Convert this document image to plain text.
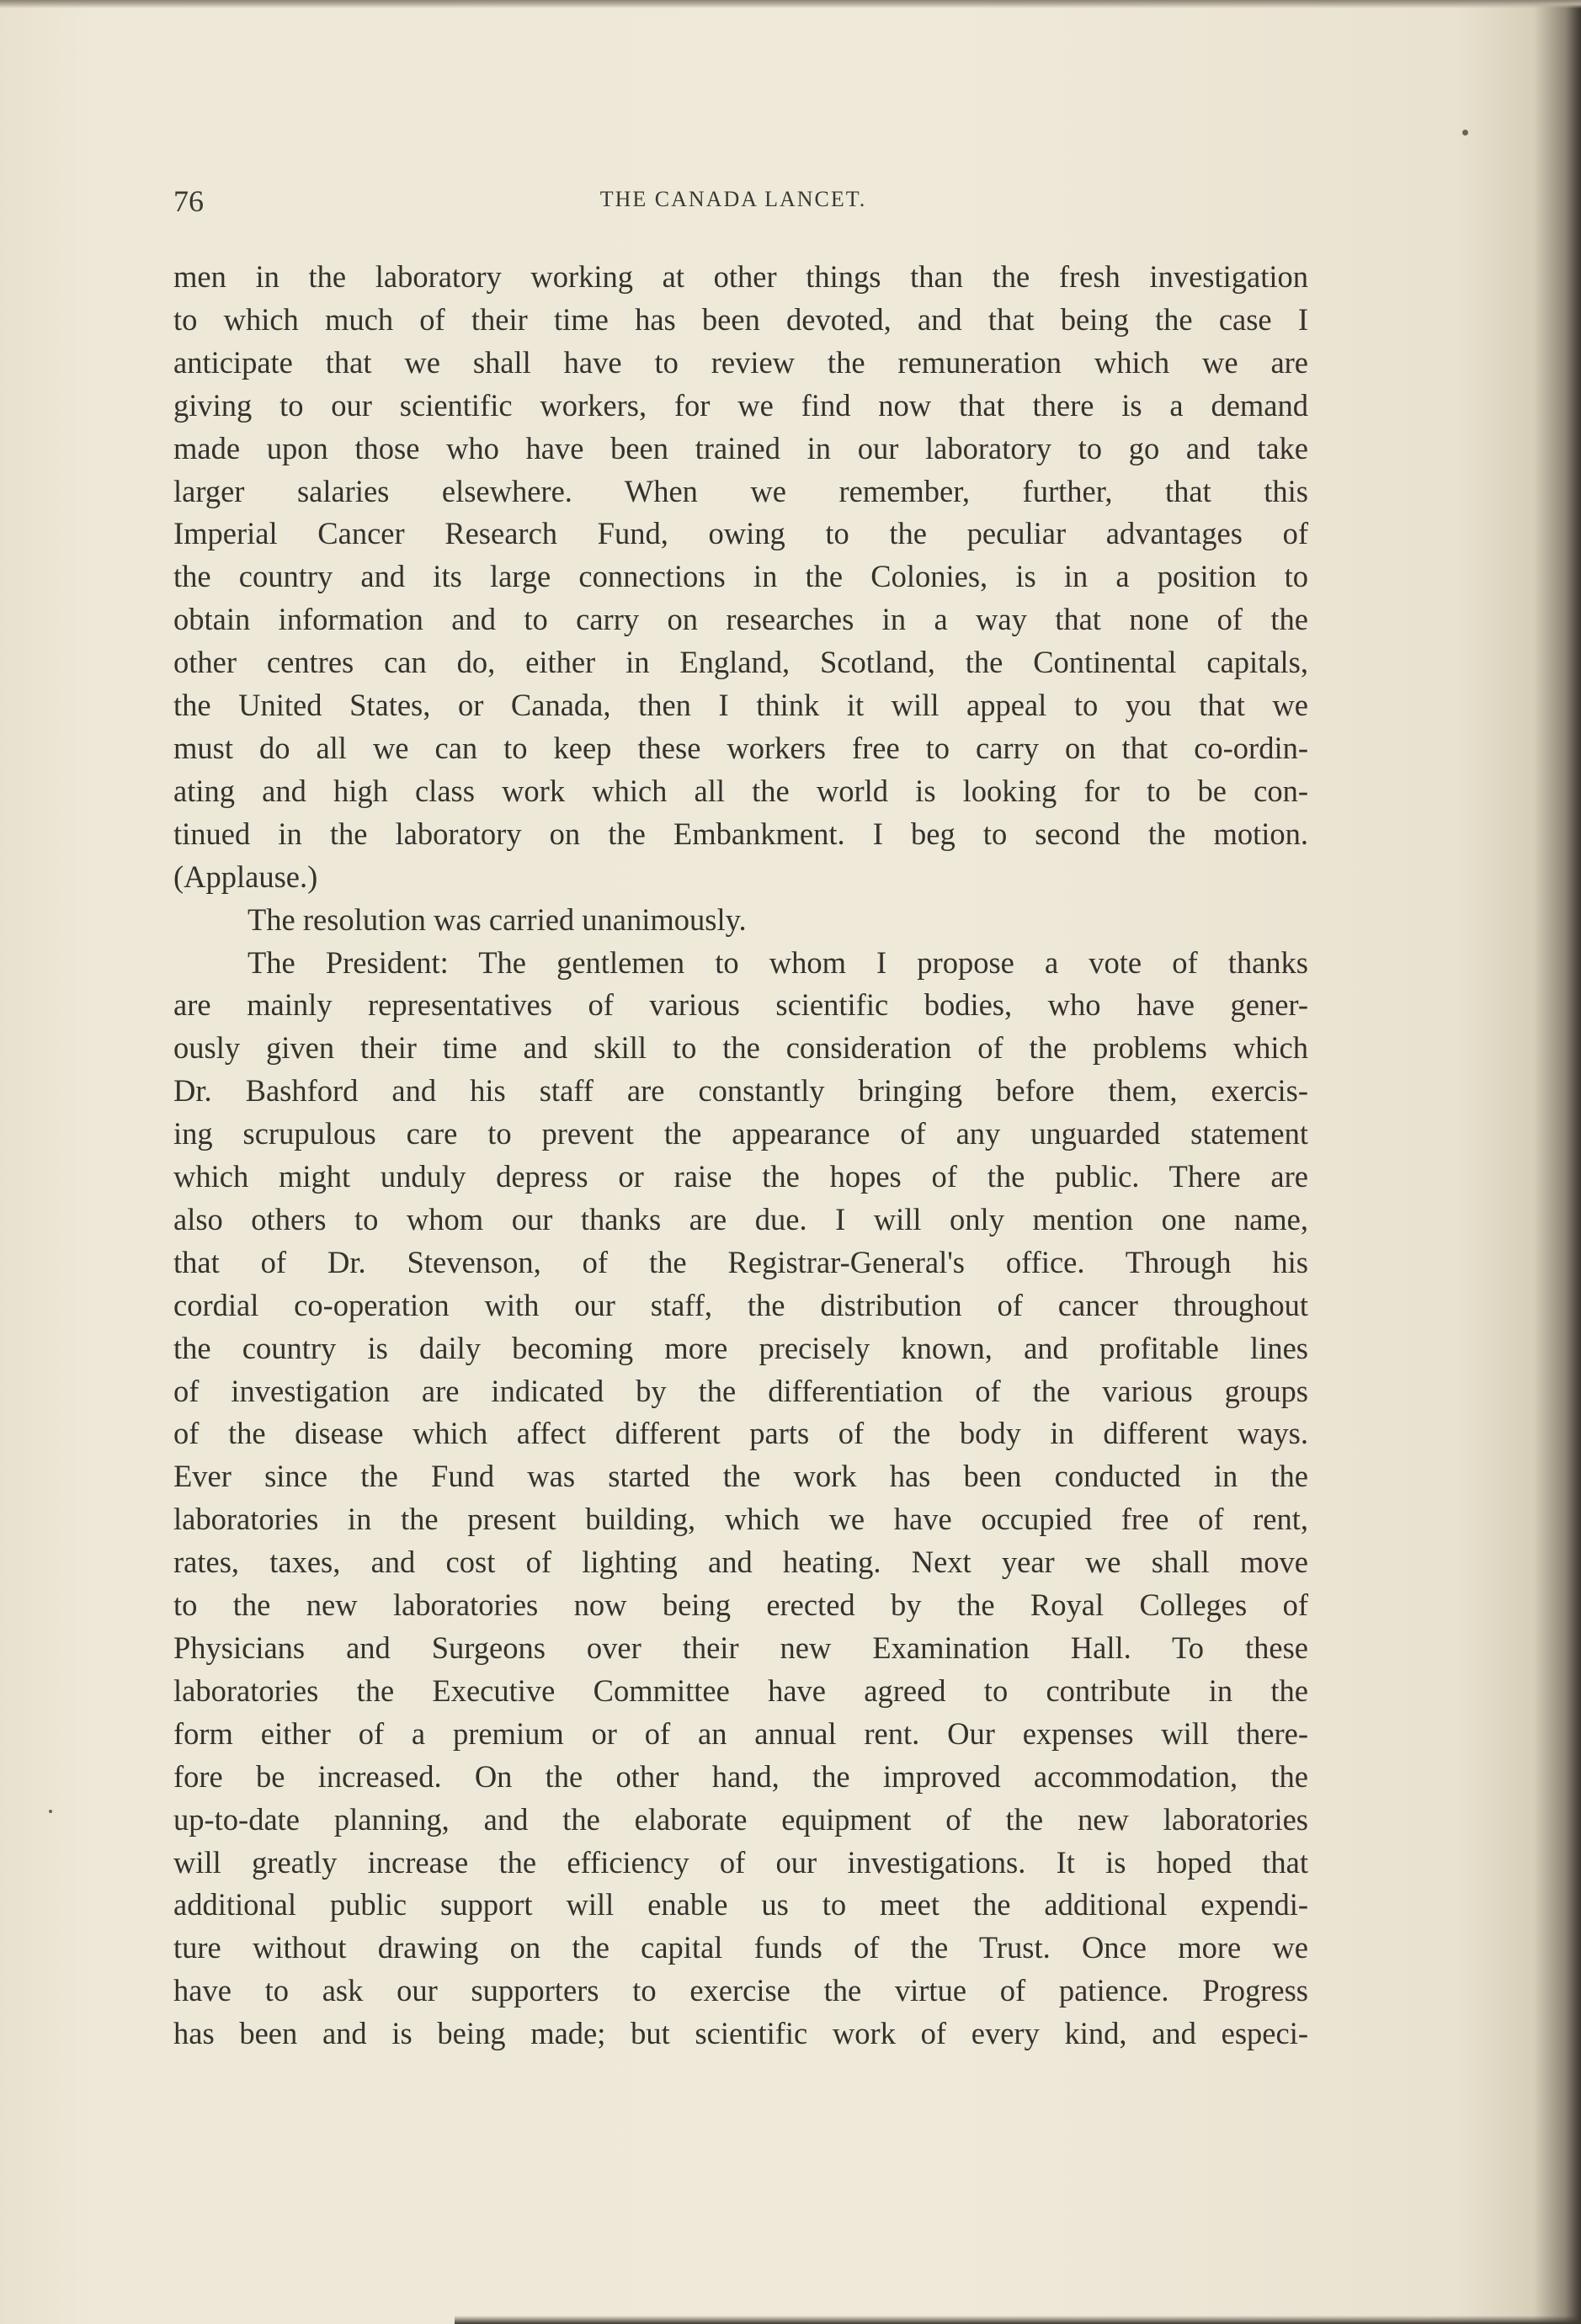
76	THE CANADA LANCET.
men in the laboratory working at other things than the fresh investigation
to which much of their time has been devoted, and that being the case I
anticipate that we shall have to review the remuneration which we are
giving to our scientific workers, for we find now that there is a demand
made upon those who have been trained in our laboratory to go and take
larger salaries elsewhere. When we remember, further, that this
Imperial Cancer Research Fund, owing to the peculiar advantages of
the country and its large connections in the Colonies, is in a position to
obtain information and to carry on researches in a way that none of the
other centres can do, either in England, Scotland, the Continental capitals,
the United States, or Canada, then I think it will appeal to you that we
must do all we can to keep these workers free to carry on that co-ordin-
ating and high class work which all the world is looking for to be con-
tinued in the laboratory on the Embankment. I beg to second the motion.
(Applause.)
The resolution was carried unanimously.
The President: The gentlemen to whom I propose a vote of thanks
are mainly representatives of various scientific bodies, who have gener-
ously given their time and skill to the consideration of the problems which
Dr. Bashford and his staff are constantly bringing before them, exercis-
ing scrupulous care to prevent the appearance of any unguarded statement
which might unduly depress or raise the hopes of the public. There are
also others to whom our thanks are due. I will only mention one name,
that of Dr. Stevenson, of the Registrar-General's office. Through his
cordial co-operation with our staff, the distribution of cancer throughout
the country is daily becoming more precisely known, and profitable lines
of investigation are indicated by the differentiation of the various groups
of the disease which affect different parts of the body in different ways.
Ever since the Fund was started the work has been conducted in the
laboratories in the present building, which we have occupied free of rent,
rates, taxes, and cost of lighting and heating. Next year we shall move
to the new laboratories now being erected by the Royal Colleges of
Physicians and Surgeons over their new Examination Hall. To these
laboratories the Executive Committee have agreed to contribute in the
form either of a premium or of an annual rent. Our expenses will there-
fore be increased. On the other hand, the improved accommodation, the
up-to-date planning, and the elaborate equipment of the new laboratories
will greatly increase the efficiency of our investigations. It is hoped that
additional public support will enable us to meet the additional expendi-
ture without drawing on the capital funds of the Trust. Once more we
have to ask our supporters to exercise the virtue of patience. Progress
has been and is being made; but scientific work of every kind, and especi-
